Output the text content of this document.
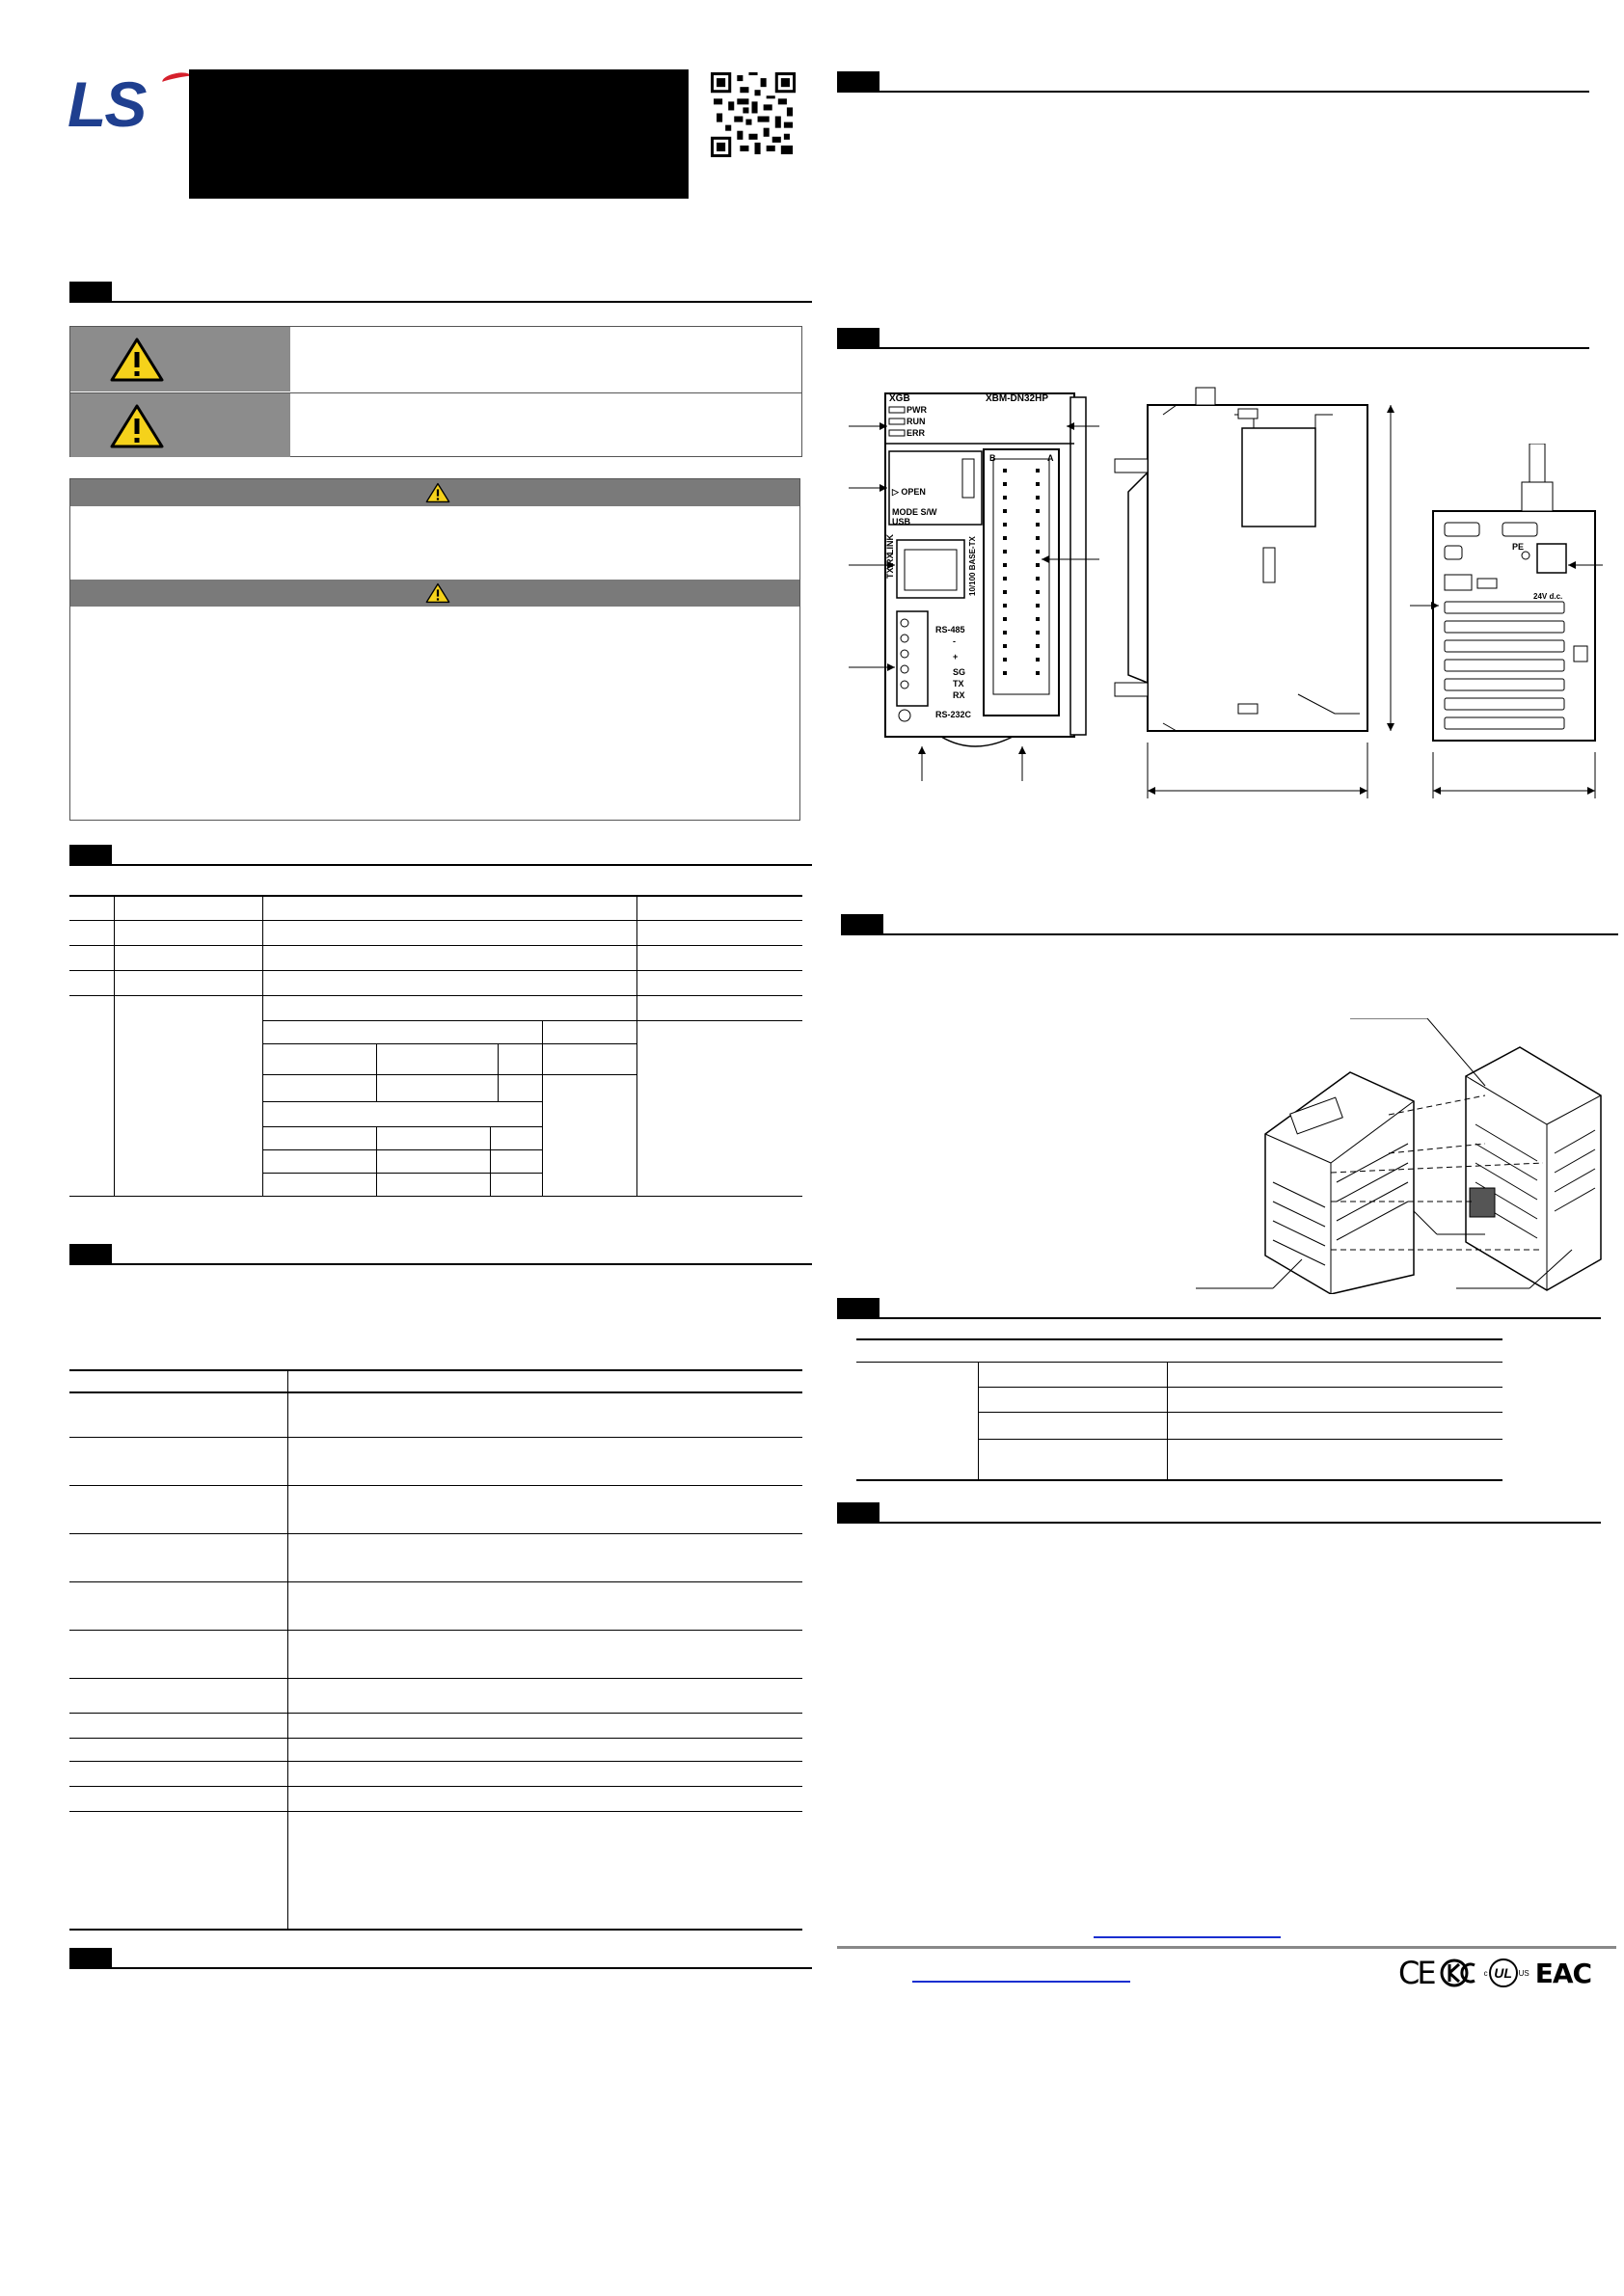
LS
XGB	XBM-DN32HP
PWR
RUN
ERR
▷ OPEN
MODE S/W
USB
TX/RX
LINK	10/100 BASE-TX
RS-485
-
+
SG
TX
RX
RS-232C
B	A
PE
24V d.c.
CE	c UL US EAC
